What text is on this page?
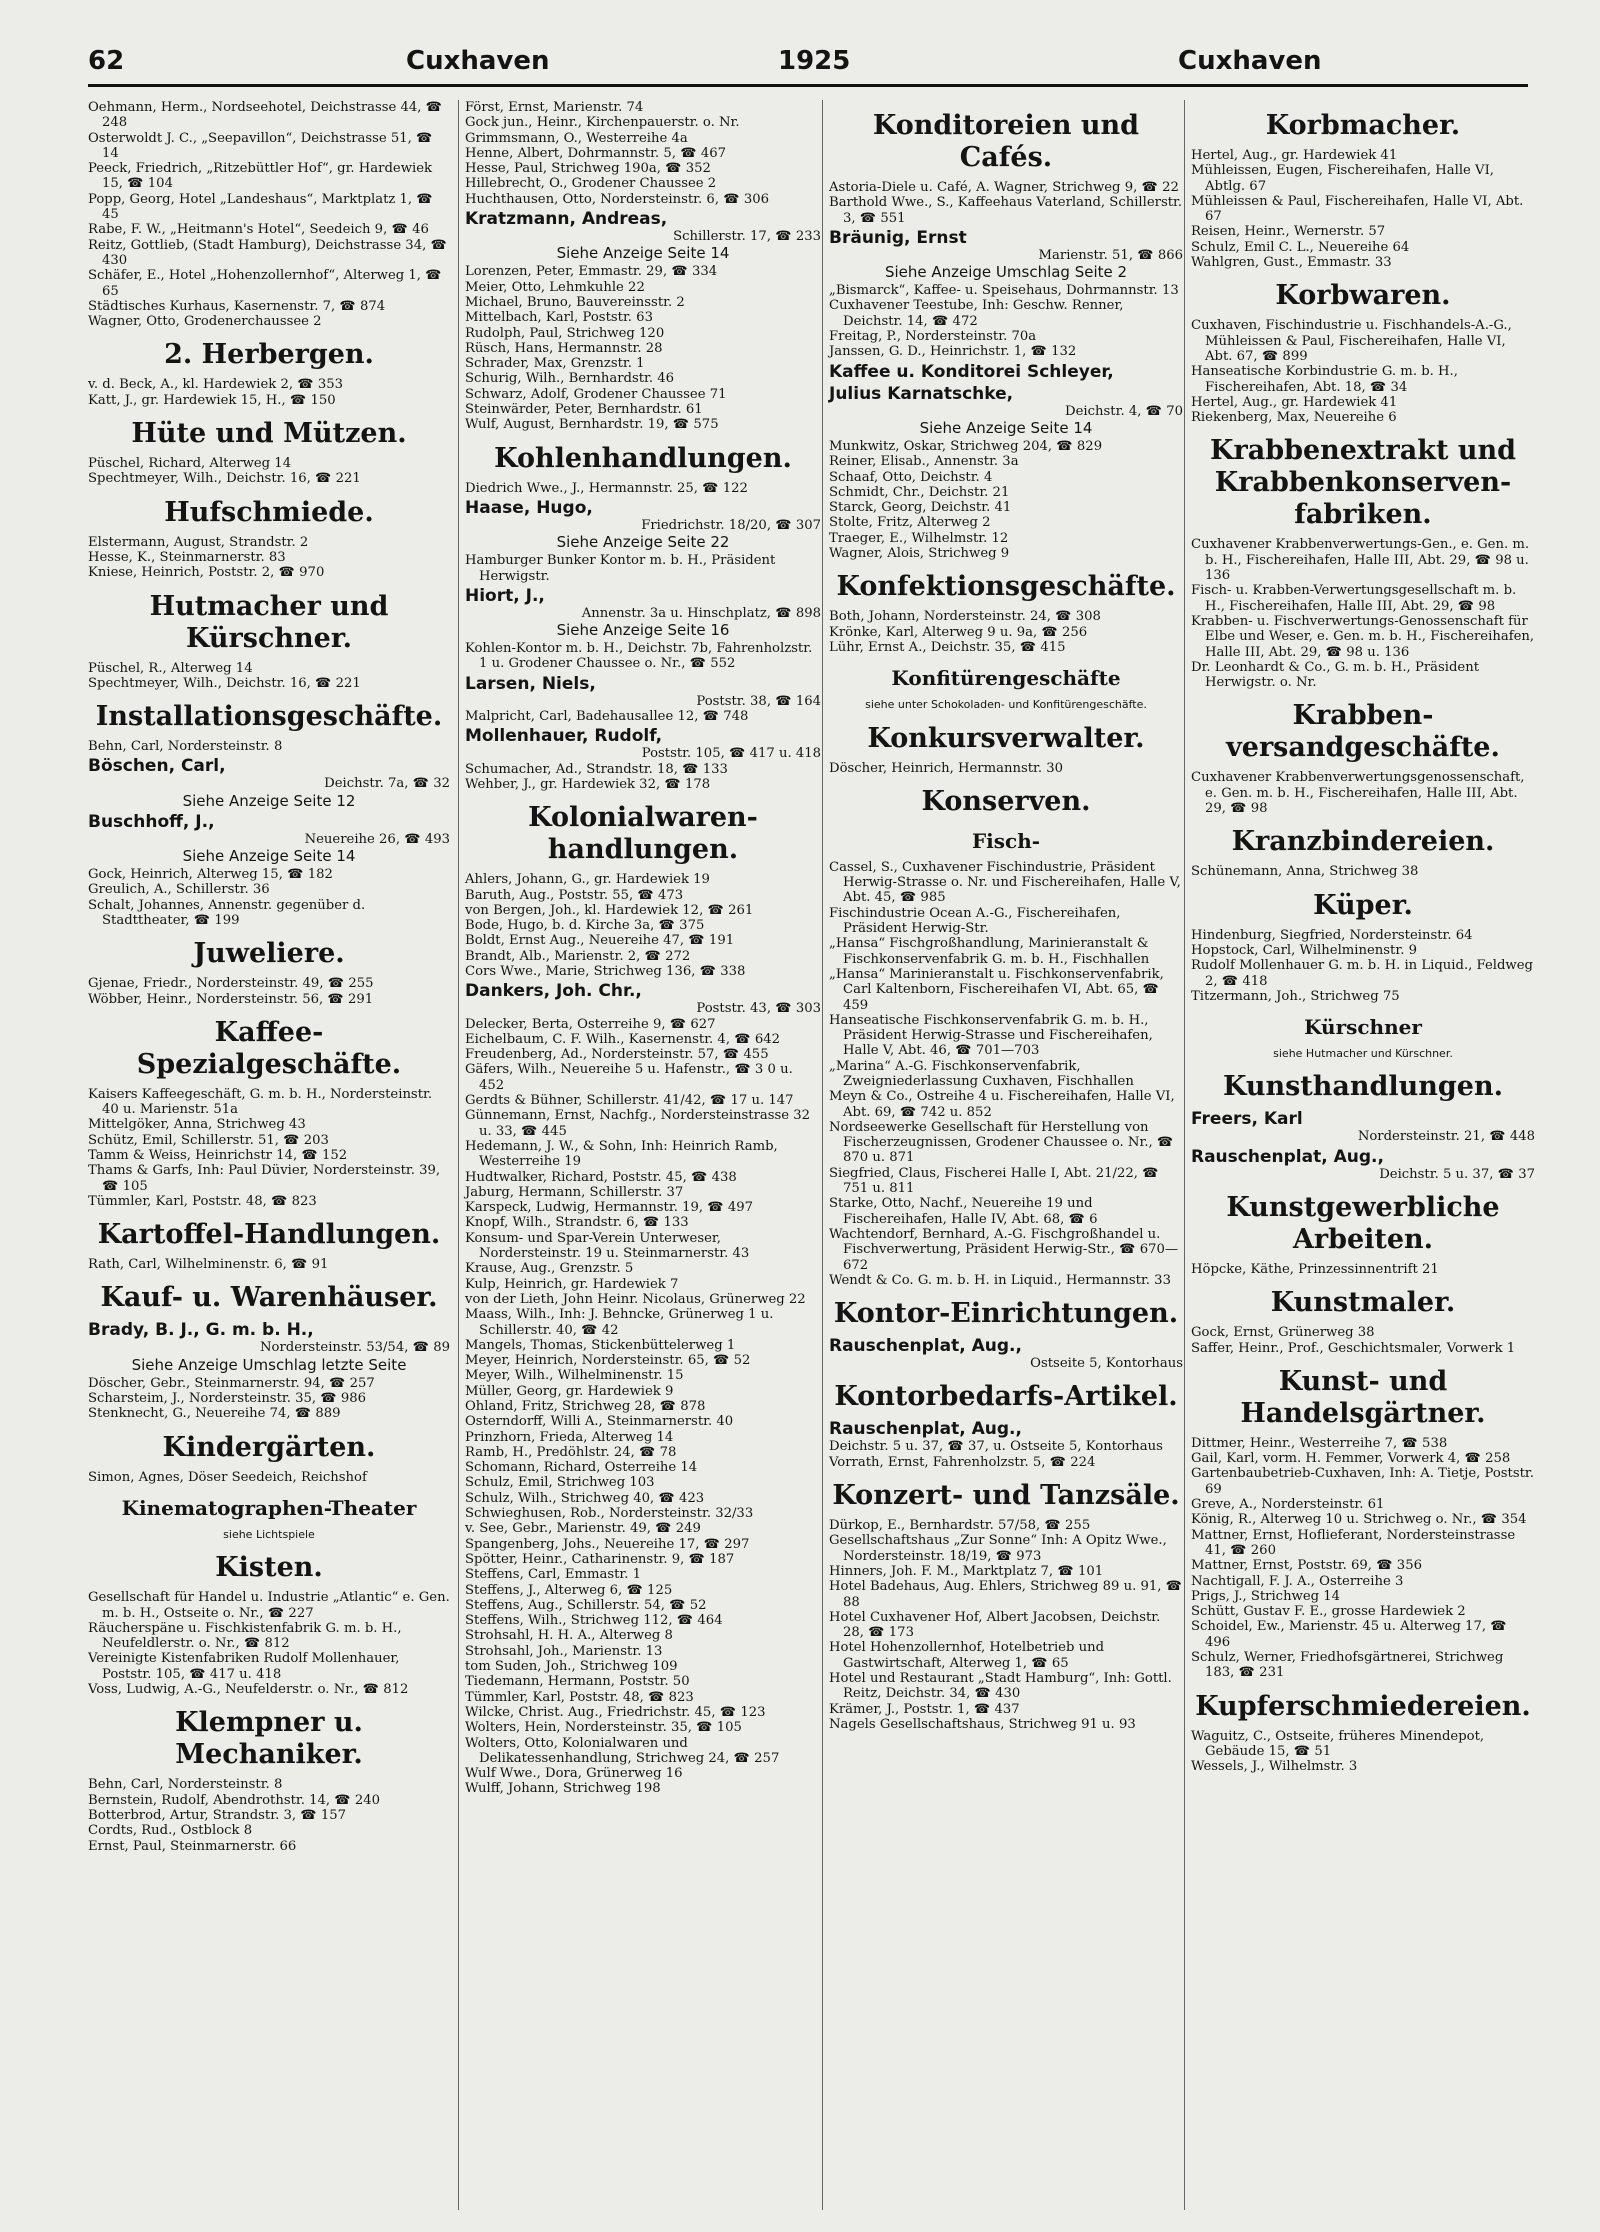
62	Cuxhaven	1925	Cuxhaven

Oehmann, Herm., Nordseehotel, Deichstrasse 44, ☎ 248

Osterwoldt J. C., „Seepavillon“, Deichstrasse 51, ☎ 14

Peeck, Friedrich, „Ritzebüttler Hof“, gr. Hardewiek 15, ☎ 104

Popp, Georg, Hotel „Landeshaus“, Marktplatz 1, ☎ 45

Rabe, F. W., „Heitmann's Hotel“, Seedeich 9, ☎ 46

Reitz, Gottlieb, (Stadt Hamburg), Deichstrasse 34, ☎ 430

Schäfer, E., Hotel „Hohenzollernhof“, Alterweg 1, ☎ 65

Städtisches Kurhaus, Kasernenstr. 7, ☎ 874

Wagner, Otto, Grodenerchaussee 2

2. Herbergen.

v. d. Beck, A., kl. Hardewiek 2, ☎ 353

Katt, J., gr. Hardewiek 15, H., ☎ 150

Hüte und Mützen.

Püschel, Richard, Alterweg 14

Spechtmeyer, Wilh., Deichstr. 16, ☎ 221

Hufschmiede.

Elstermann, August, Strandstr. 2

Hesse, K., Steinmarnerstr. 83

Kniese, Heinrich, Poststr. 2, ☎ 970

Hutmacher und Kürschner.

Püschel, R., Alterweg 14

Spechtmeyer, Wilh., Deichstr. 16, ☎ 221

Installationsgeschäfte.

Behn, Carl, Nordersteinstr. 8

Böschen, Carl,

Deichstr. 7a, ☎ 32

Siehe Anzeige Seite 12

Buschhoff, J.,

Neuereihe 26, ☎ 493

Siehe Anzeige Seite 14

Gock, Heinrich, Alterweg 15, ☎ 182

Greulich, A., Schillerstr. 36

Schalt, Johannes, Annenstr. gegenüber d. Stadttheater, ☎ 199

Juweliere.

Gjenae, Friedr., Nordersteinstr. 49, ☎ 255

Wöbber, Heinr., Nordersteinstr. 56, ☎ 291

Kaffee-Spezialgeschäfte.

Kaisers Kaffeegeschäft, G. m. b. H., Nordersteinstr. 40 u. Marienstr. 51a

Mittelgöker, Anna, Strichweg 43

Schütz, Emil, Schillerstr. 51, ☎ 203

Tamm & Weiss, Heinrichstr 14, ☎ 152

Thams & Garfs, Inh: Paul Düvier, Nordersteinstr. 39, ☎ 105

Tümmler, Karl, Poststr. 48, ☎ 823

Kartoffel-Handlungen.

Rath, Carl, Wilhelminenstr. 6, ☎ 91

Kauf- u. Warenhäuser.

Brady, B. J., G. m. b. H.,

Nordersteinstr. 53/54, ☎ 89

Siehe Anzeige Umschlag letzte Seite

Döscher, Gebr., Steinmarnerstr. 94, ☎ 257

Scharsteim, J., Nordersteinstr. 35, ☎ 986

Stenknecht, G., Neuereihe 74, ☎ 889

Kindergärten.

Simon, Agnes, Döser Seedeich, Reichshof

Kinematographen-Theater

siehe Lichtspiele

Kisten.

Gesellschaft für Handel u. Industrie „Atlantic“ e. Gen. m. b. H., Ostseite o. Nr., ☎ 227

Räucherspäne u. Fischkistenfabrik G. m. b. H., Neufeldlerstr. o. Nr., ☎ 812

Vereinigte Kistenfabriken Rudolf Mollenhauer, Poststr. 105, ☎ 417 u. 418

Voss, Ludwig, A.-G., Neufelderstr. o. Nr., ☎ 812

Klempner u. Mechaniker.

Behn, Carl, Nordersteinstr. 8

Bernstein, Rudolf, Abendrothstr. 14, ☎ 240

Botterbrod, Artur, Strandstr. 3, ☎ 157

Cordts, Rud., Ostblock 8

Ernst, Paul, Steinmarnerstr. 66

Först, Ernst, Marienstr. 74

Gock jun., Heinr., Kirchenpauerstr. o. Nr.

Grimmsmann, O., Westerreihe 4a

Henne, Albert, Dohrmannstr. 5, ☎ 467

Hesse, Paul, Strichweg 190a, ☎ 352

Hillebrecht, O., Grodener Chaussee 2

Huchthausen, Otto, Nordersteinstr. 6, ☎ 306

Kratzmann, Andreas,

Schillerstr. 17, ☎ 233

Siehe Anzeige Seite 14

Lorenzen, Peter, Emmastr. 29, ☎ 334

Meier, Otto, Lehmkuhle 22

Michael, Bruno, Bauvereinsstr. 2

Mittelbach, Karl, Poststr. 63

Rudolph, Paul, Strichweg 120

Rüsch, Hans, Hermannstr. 28

Schrader, Max, Grenzstr. 1

Schurig, Wilh., Bernhardstr. 46

Schwarz, Adolf, Grodener Chaussee 71

Steinwärder, Peter, Bernhardstr. 61

Wulf, August, Bernhardstr. 19, ☎ 575

Kohlenhandlungen.

Diedrich Wwe., J., Hermannstr. 25, ☎ 122

Haase, Hugo,

Friedrichstr. 18/20, ☎ 307

Siehe Anzeige Seite 22

Hamburger Bunker Kontor m. b. H., Präsident Herwigstr.

Hiort, J.,

Annenstr. 3a u. Hinschplatz, ☎ 898

Siehe Anzeige Seite 16

Kohlen-Kontor m. b. H., Deichstr. 7b, Fahrenholzstr. 1 u. Grodener Chaussee o. Nr., ☎ 552

Larsen, Niels,

Poststr. 38, ☎ 164

Malpricht, Carl, Badehausallee 12, ☎ 748

Mollenhauer, Rudolf,

Poststr. 105, ☎ 417 u. 418

Schumacher, Ad., Strandstr. 18, ☎ 133

Wehber, J., gr. Hardewiek 32, ☎ 178

Kolonialwaren-handlungen.

Ahlers, Johann, G., gr. Hardewiek 19

Baruth, Aug., Poststr. 55, ☎ 473

von Bergen, Joh., kl. Hardewiek 12, ☎ 261

Bode, Hugo, b. d. Kirche 3a, ☎ 375

Boldt, Ernst Aug., Neuereihe 47, ☎ 191

Brandt, Alb., Marienstr. 2, ☎ 272

Cors Wwe., Marie, Strichweg 136, ☎ 338

Dankers, Joh. Chr.,

Poststr. 43, ☎ 303

Delecker, Berta, Osterreihe 9, ☎ 627

Eichelbaum, C. F. Wilh., Kasernenstr. 4, ☎ 642

Freudenberg, Ad., Nordersteinstr. 57, ☎ 455

Gäfers, Wilh., Neuereihe 5 u. Hafenstr., ☎ 3 0 u. 452

Gerdts & Bühner, Schillerstr. 41/42, ☎ 17 u. 147

Günnemann, Ernst, Nachfg., Nordersteinstrasse 32 u. 33, ☎ 445

Hedemann, J. W., & Sohn, Inh: Heinrich Ramb, Westerreihe 19

Hudtwalker, Richard, Poststr. 45, ☎ 438

Jaburg, Hermann, Schillerstr. 37

Karspeck, Ludwig, Hermannstr. 19, ☎ 497

Knopf, Wilh., Strandstr. 6, ☎ 133

Konsum- und Spar-Verein Unterweser, Nordersteinstr. 19 u. Steinmarnerstr. 43

Krause, Aug., Grenzstr. 5

Kulp, Heinrich, gr. Hardewiek 7

von der Lieth, John Heinr. Nicolaus, Grünerweg 22

Maass, Wilh., Inh: J. Behncke, Grünerweg 1 u. Schillerstr. 40, ☎ 42

Mangels, Thomas, Stickenbüttelerweg 1

Meyer, Heinrich, Nordersteinstr. 65, ☎ 52

Meyer, Wilh., Wilhelminenstr. 15

Müller, Georg, gr. Hardewiek 9

Ohland, Fritz, Strichweg 28, ☎ 878

Osterndorff, Willi A., Steinmarnerstr. 40

Prinzhorn, Frieda, Alterweg 14

Ramb, H., Predöhlstr. 24, ☎ 78

Schomann, Richard, Osterreihe 14

Schulz, Emil, Strichweg 103

Schulz, Wilh., Strichweg 40, ☎ 423

Schwieghusen, Rob., Nordersteinstr. 32/33

v. See, Gebr., Marienstr. 49, ☎ 249

Spangenberg, Johs., Neuereihe 17, ☎ 297

Spötter, Heinr., Catharinenstr. 9, ☎ 187

Steffens, Carl, Emmastr. 1

Steffens, J., Alterweg 6, ☎ 125

Steffens, Aug., Schillerstr. 54, ☎ 52

Steffens, Wilh., Strichweg 112, ☎ 464

Strohsahl, H. H. A., Alterweg 8

Strohsahl, Joh., Marienstr. 13

tom Suden, Joh., Strichweg 109

Tiedemann, Hermann, Poststr. 50

Tümmler, Karl, Poststr. 48, ☎ 823

Wilcke, Christ. Aug., Friedrichstr. 45, ☎ 123

Wolters, Hein, Nordersteinstr. 35, ☎ 105

Wolters, Otto, Kolonialwaren und Delikatessenhandlung, Strichweg 24, ☎ 257

Wulf Wwe., Dora, Grünerweg 16

Wulff, Johann, Strichweg 198

Konditoreien und Cafés.

Astoria-Diele u. Café, A. Wagner, Strichweg 9, ☎ 22

Barthold Wwe., S., Kaffeehaus Vaterland, Schillerstr. 3, ☎ 551

Bräunig, Ernst

Marienstr. 51, ☎ 866

Siehe Anzeige Umschlag Seite 2

„Bismarck“, Kaffee- u. Speisehaus, Dohrmannstr. 13

Cuxhavener Teestube, Inh: Geschw. Renner, Deichstr. 14, ☎ 472

Freitag, P., Nordersteinstr. 70a

Janssen, G. D., Heinrichstr. 1, ☎ 132

Kaffee u. Konditorei Schleyer,

Julius Karnatschke,

Deichstr. 4, ☎ 70

Siehe Anzeige Seite 14

Munkwitz, Oskar, Strichweg 204, ☎ 829

Reiner, Elisab., Annenstr. 3a

Schaaf, Otto, Deichstr. 4

Schmidt, Chr., Deichstr. 21

Starck, Georg, Deichstr. 41

Stolte, Fritz, Alterweg 2

Traeger, E., Wilhelmstr. 12

Wagner, Alois, Strichweg 9

Konfektionsgeschäfte.

Both, Johann, Nordersteinstr. 24, ☎ 308

Krönke, Karl, Alterweg 9 u. 9a, ☎ 256

Lühr, Ernst A., Deichstr. 35, ☎ 415

Konfitürengeschäfte

siehe unter Schokoladen- und Konfitürengeschäfte.

Konkursverwalter.

Döscher, Heinrich, Hermannstr. 30

Konserven.
Fisch-

Cassel, S., Cuxhavener Fischindustrie, Präsident Herwig-Strasse o. Nr. und Fischereihafen, Halle V, Abt. 45, ☎ 985

Fischindustrie Ocean A.-G., Fischereihafen, Präsident Herwig-Str.

„Hansa“ Fischgroßhandlung, Marinieranstalt & Fischkonservenfabrik G. m. b. H., Fischhallen

„Hansa“ Marinieranstalt u. Fischkonservenfabrik, Carl Kaltenborn, Fischereihafen VI, Abt. 65, ☎ 459

Hanseatische Fischkonservenfabrik G. m. b. H., Präsident Herwig-Strasse und Fischereihafen, Halle V, Abt. 46, ☎ 701—703

„Marina“ A.-G. Fischkonservenfabrik, Zweigniederlassung Cuxhaven, Fischhallen

Meyn & Co., Ostreihe 4 u. Fischereihafen, Halle VI, Abt. 69, ☎ 742 u. 852

Nordseewerke Gesellschaft für Herstellung von Fischerzeugnissen, Grodener Chaussee o. Nr., ☎ 870 u. 871

Siegfried, Claus, Fischerei Halle I, Abt. 21/22, ☎ 751 u. 811

Starke, Otto, Nachf., Neuereihe 19 und Fischereihafen, Halle IV, Abt. 68, ☎ 6

Wachtendorf, Bernhard, A.-G. Fischgroßhandel u. Fischverwertung, Präsident Herwig-Str., ☎ 670—672

Wendt & Co. G. m. b. H. in Liquid., Hermannstr. 33

Kontor-Einrichtungen.

Rauschenplat, Aug.,

Ostseite 5, Kontorhaus

Kontorbedarfs-Artikel.

Rauschenplat, Aug.,

Deichstr. 5 u. 37, ☎ 37, u. Ostseite 5, Kontorhaus

Vorrath, Ernst, Fahrenholzstr. 5, ☎ 224

Konzert- und Tanzsäle.

Dürkop, E., Bernhardstr. 57/58, ☎ 255

Gesellschaftshaus „Zur Sonne“ Inh: A Opitz Wwe., Nordersteinstr. 18/19, ☎ 973

Hinners, Joh. F. M., Marktplatz 7, ☎ 101

Hotel Badehaus, Aug. Ehlers, Strichweg 89 u. 91, ☎ 88

Hotel Cuxhavener Hof, Albert Jacobsen, Deichstr. 28, ☎ 173

Hotel Hohenzollernhof, Hotelbetrieb und Gastwirtschaft, Alterweg 1, ☎ 65

Hotel und Restaurant „Stadt Hamburg“, Inh: Gottl. Reitz, Deichstr. 34, ☎ 430

Krämer, J., Poststr. 1, ☎ 437

Nagels Gesellschaftshaus, Strichweg 91 u. 93

Korbmacher.

Hertel, Aug., gr. Hardewiek 41

Mühleissen, Eugen, Fischereihafen, Halle VI, Abtlg. 67

Mühleissen & Paul, Fischereihafen, Halle VI, Abt. 67

Reisen, Heinr., Wernerstr. 57

Schulz, Emil C. L., Neuereihe 64

Wahlgren, Gust., Emmastr. 33

Korbwaren.

Cuxhaven, Fischindustrie u. Fischhandels-A.-G., Mühleissen & Paul, Fischereihafen, Halle VI, Abt. 67, ☎ 899

Hanseatische Korbindustrie G. m. b. H., Fischereihafen, Abt. 18, ☎ 34

Hertel, Aug., gr. Hardewiek 41

Riekenberg, Max, Neuereihe 6

Krabbenextrakt und Krabbenkonserven-fabriken.

Cuxhavener Krabbenverwertungs-Gen., e. Gen. m. b. H., Fischereihafen, Halle III, Abt. 29, ☎ 98 u. 136

Fisch- u. Krabben-Verwertungsgesellschaft m. b. H., Fischereihafen, Halle III, Abt. 29, ☎ 98

Krabben- u. Fischverwertungs-Genossenschaft für Elbe und Weser, e. Gen. m. b. H., Fischereihafen, Halle III, Abt. 29, ☎ 98 u. 136

Dr. Leonhardt & Co., G. m. b. H., Präsident Herwigstr. o. Nr.

Krabben-versandgeschäfte.

Cuxhavener Krabbenverwertungsgenossenschaft, e. Gen. m. b. H., Fischereihafen, Halle III, Abt. 29, ☎ 98

Kranzbindereien.

Schünemann, Anna, Strichweg 38

Küper.

Hindenburg, Siegfried, Nordersteinstr. 64

Hopstock, Carl, Wilhelminenstr. 9

Rudolf Mollenhauer G. m. b. H. in Liquid., Feldweg 2, ☎ 418

Titzermann, Joh., Strichweg 75

Kürschner

siehe Hutmacher und Kürschner.

Kunsthandlungen.

Freers, Karl

Nordersteinstr. 21, ☎ 448

Rauschenplat, Aug.,

Deichstr. 5 u. 37, ☎ 37

Kunstgewerbliche Arbeiten.

Höpcke, Käthe, Prinzessinnentrift 21

Kunstmaler.

Gock, Ernst, Grünerweg 38

Saffer, Heinr., Prof., Geschichtsmaler, Vorwerk 1

Kunst- und Handelsgärtner.

Dittmer, Heinr., Westerreihe 7, ☎ 538

Gail, Karl, vorm. H. Femmer, Vorwerk 4, ☎ 258

Gartenbaubetrieb-Cuxhaven, Inh: A. Tietje, Poststr. 69

Greve, A., Nordersteinstr. 61

König, R., Alterweg 10 u. Strichweg o. Nr., ☎ 354

Mattner, Ernst, Hoflieferant, Nordersteinstrasse 41, ☎ 260

Mattner, Ernst, Poststr. 69, ☎ 356

Nachtigall, F. J. A., Osterreihe 3

Prigs, J., Strichweg 14

Schütt, Gustav F. E., grosse Hardewiek 2

Schoidel, Ew., Marienstr. 45 u. Alterweg 17, ☎ 496

Schulz, Werner, Friedhofsgärtnerei, Strichweg 183, ☎ 231

Kupferschmiedereien.

Waguitz, C., Ostseite, früheres Minendepot, Gebäude 15, ☎ 51

Wessels, J., Wilhelmstr. 3
